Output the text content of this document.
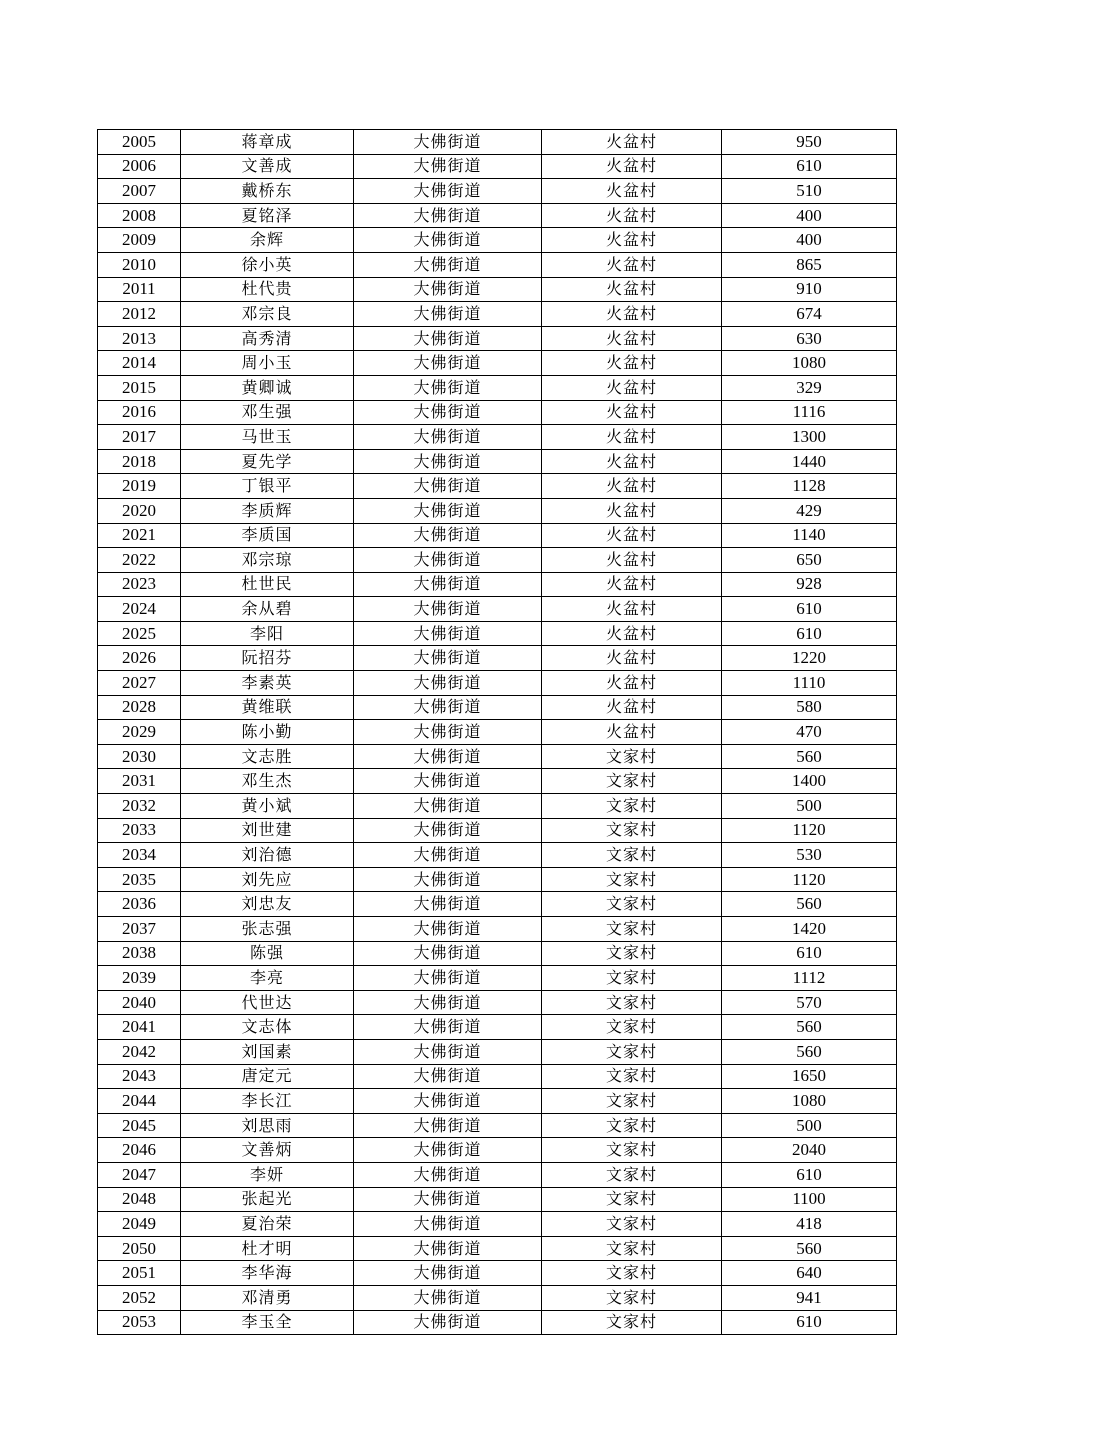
2005	蒋章成	大佛街道	火盆村	950
2006	文善成	大佛街道	火盆村	610
2007	戴桥东	大佛街道	火盆村	510
2008	夏铭泽	大佛街道	火盆村	400
2009	余辉	大佛街道	火盆村	400
2010	徐小英	大佛街道	火盆村	865
2011	杜代贵	大佛街道	火盆村	910
2012	邓宗良	大佛街道	火盆村	674
2013	高秀清	大佛街道	火盆村	630
2014	周小玉	大佛街道	火盆村	1080
2015	黄卿诚	大佛街道	火盆村	329
2016	邓生强	大佛街道	火盆村	1116
2017	马世玉	大佛街道	火盆村	1300
2018	夏先学	大佛街道	火盆村	1440
2019	丁银平	大佛街道	火盆村	1128
2020	李质辉	大佛街道	火盆村	429
2021	李质国	大佛街道	火盆村	1140
2022	邓宗琼	大佛街道	火盆村	650
2023	杜世民	大佛街道	火盆村	928
2024	余从碧	大佛街道	火盆村	610
2025	李阳	大佛街道	火盆村	610
2026	阮招芬	大佛街道	火盆村	1220
2027	李素英	大佛街道	火盆村	1110
2028	黄维联	大佛街道	火盆村	580
2029	陈小勤	大佛街道	火盆村	470
2030	文志胜	大佛街道	文家村	560
2031	邓生杰	大佛街道	文家村	1400
2032	黄小斌	大佛街道	文家村	500
2033	刘世建	大佛街道	文家村	1120
2034	刘治德	大佛街道	文家村	530
2035	刘先应	大佛街道	文家村	1120
2036	刘忠友	大佛街道	文家村	560
2037	张志强	大佛街道	文家村	1420
2038	陈强	大佛街道	文家村	610
2039	李亮	大佛街道	文家村	1112
2040	代世达	大佛街道	文家村	570
2041	文志体	大佛街道	文家村	560
2042	刘国素	大佛街道	文家村	560
2043	唐定元	大佛街道	文家村	1650
2044	李长江	大佛街道	文家村	1080
2045	刘思雨	大佛街道	文家村	500
2046	文善炳	大佛街道	文家村	2040
2047	李妍	大佛街道	文家村	610
2048	张起光	大佛街道	文家村	1100
2049	夏治荣	大佛街道	文家村	418
2050	杜才明	大佛街道	文家村	560
2051	李华海	大佛街道	文家村	640
2052	邓清勇	大佛街道	文家村	941
2053	李玉全	大佛街道	文家村	610
